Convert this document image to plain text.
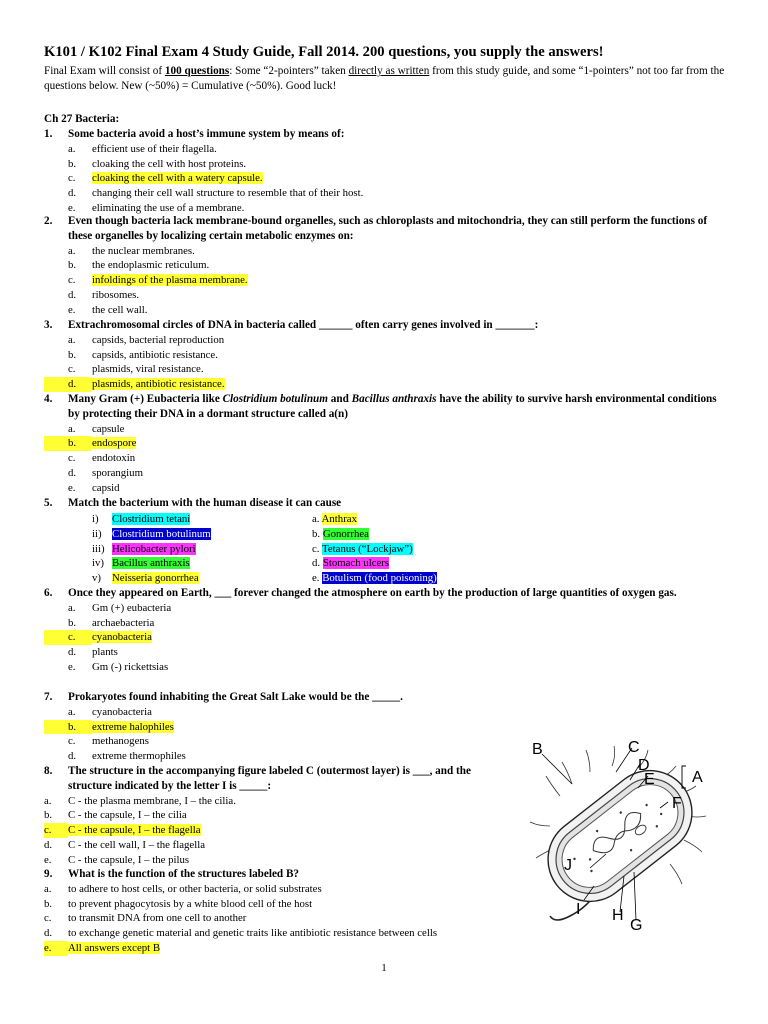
K101 / K102 Final Exam 4 Study Guide, Fall 2014. 200 questions, you supply the answers!
Final Exam will consist of 100 questions: Some “2-pointers” taken directly as written from this study guide, and some “1-pointers” not too far from the questions below. New (~50%) = Cumulative (~50%). Good luck!
Ch 27 Bacteria:
1. Some bacteria avoid a host’s immune system by means of:
a. efficient use of their flagella.
b. cloaking the cell with host proteins.
c. cloaking the cell with a watery capsule.
d. changing their cell wall structure to resemble that of their host.
e. eliminating the use of a membrane.
2. Even though bacteria lack membrane-bound organelles, such as chloroplasts and mitochondria, they can still perform the functions of these organelles by localizing certain metabolic enzymes on:
a. the nuclear membranes.
b. the endoplasmic reticulum.
c. infoldings of the plasma membrane.
d. ribosomes.
e. the cell wall.
3. Extrachromosomal circles of DNA in bacteria called ______ often carry genes involved in _______:
a. capsids, bacterial reproduction
b. capsids, antibiotic resistance.
c. plasmids, viral resistance.
d. plasmids, antibiotic resistance.
4. Many Gram (+) Eubacteria like Clostridium botulinum and Bacillus anthraxis have the ability to survive harsh environmental conditions by protecting their DNA in a dormant structure called a(n)
a. capsule
b. endospore
c. endotoxin
d. sporangium
e. capsid
5. Match the bacterium with the human disease it can cause
i) Clostridium tetani	a. Anthrax
ii) Clostridium botulinum	b. Gonorrhea
iii) Helicobacter pylori	c. Tetanus (“Lockjaw”)
iv) Bacillus anthraxis	d. Stomach ulcers
v) Neisseria gonorrhea	e. Botulism (food poisoning)
6. Once they appeared on Earth, ___ forever changed the atmosphere on earth by the production of large quantities of oxygen gas.
a. Gm (+) eubacteria
b. archaebacteria
c. cyanobacteria
d. plants
e. Gm (-) rickettsias
7. Prokaryotes found inhabiting the Great Salt Lake would be the _____.
a. cyanobacteria
b. extreme halophiles
c. methanogens
d. extreme thermophiles
8. The structure in the accompanying figure labeled C (outermost layer) is ___, and the structure indicated by the letter I is _____:
a. C - the plasma membrane, I – the cilia.
b. C - the capsule, I – the cilia
c. C - the capsule, I – the flagella
d. C - the cell wall, I – the flagella
e. C - the capsule, I – the pilus
9. What is the function of the structures labeled B?
a. to adhere to host cells, or other bacteria, or solid substrates
b. to prevent phagocytosis by a white blood cell of the host
c. to transmit DNA from one cell to another
d. to exchange genetic material and genetic traits like antibiotic resistance between cells
e. All answers except B
B	C
D
E A
F
J
I H
G
1
